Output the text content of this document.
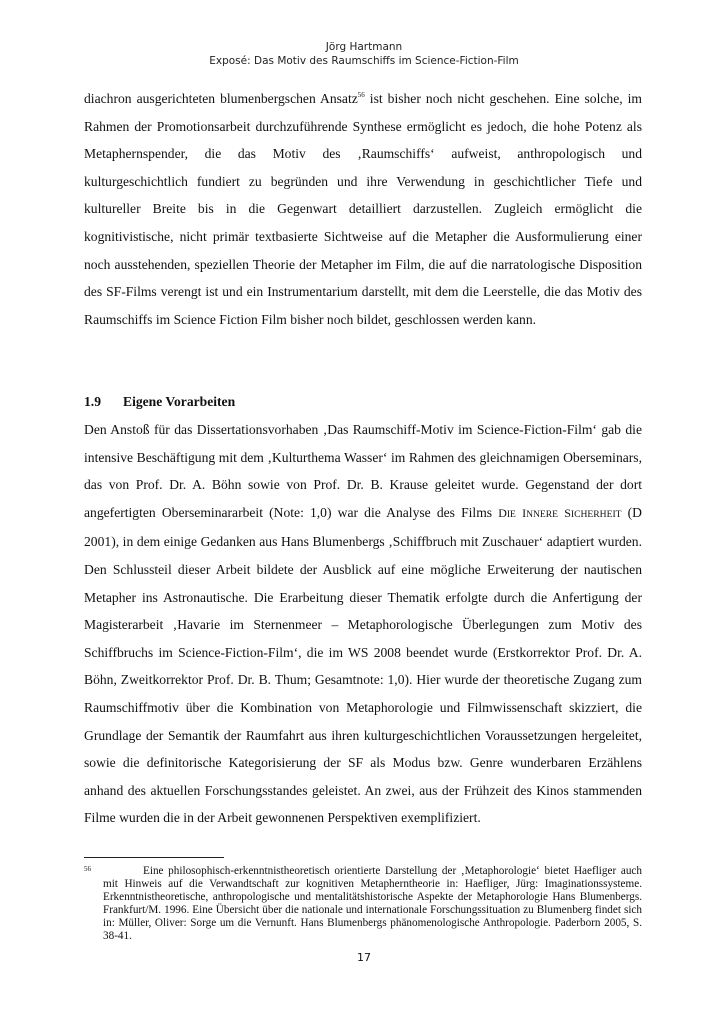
Jörg Hartmann
Exposé: Das Motiv des Raumschiffs im Science-Fiction-Film

diachron ausgerichteten blumenbergschen Ansatz$^{56}$ ist bisher noch nicht geschehen. Eine solche, im Rahmen der Promotionsarbeit durchzuführende Synthese ermöglicht es jedoch, die hohe Potenz als Metaphernspender, die das Motiv des ‚Raumschiffs‘ aufweist, anthropologisch und kulturgeschichtlich fundiert zu begründen und ihre Verwendung in geschichtlicher Tiefe und kultureller Breite bis in die Gegenwart detailliert darzustellen. Zugleich ermöglicht die kognitivistische, nicht primär textbasierte Sichtweise auf die Metapher die Ausformulierung einer noch ausstehenden, speziellen Theorie der Metapher im Film, die auf die narratologische Disposition des SF-Films verengt ist und ein Instrumentarium darstellt, mit dem die Leerstelle, die das Motiv des Raumschiffs im Science Fiction Film bisher noch bildet, geschlossen werden kann.

1.9 Eigene Vorarbeiten

Den Anstoß für das Dissertationsvorhaben ‚Das Raumschiff-Motiv im Science-Fiction-Film‘ gab die intensive Beschäftigung mit dem ‚Kulturthema Wasser‘ im Rahmen des gleichnamigen Oberseminars, das von Prof. Dr. A. Böhn sowie von Prof. Dr. B. Krause geleitet wurde. Gegenstand der dort angefertigten Oberseminararbeit (Note: 1,0) war die Analyse des Films DIE INNERE SICHERHEIT (D 2001), in dem einige Gedanken aus Hans Blumenbergs ‚Schiffbruch mit Zuschauer‘ adaptiert wurden. Den Schlussteil dieser Arbeit bildete der Ausblick auf eine mögliche Erweiterung der nautischen Metapher ins Astronautische. Die Erarbeitung dieser Thematik erfolgte durch die Anfertigung der Magisterarbeit ‚Havarie im Sternenmeer – Metaphorologische Überlegungen zum Motiv des Schiffbruchs im Science-Fiction-Film‘, die im WS 2008 beendet wurde (Erstkorrektor Prof. Dr. A. Böhn, Zweitkorrektor Prof. Dr. B. Thum; Gesamtnote: 1,0). Hier wurde der theoretische Zugang zum Raumschiffmotiv über die Kombination von Metaphorologie und Filmwissenschaft skizziert, die Grundlage der Semantik der Raumfahrt aus ihren kulturgeschichtlichen Voraussetzungen hergeleitet, sowie die definitorische Kategorisierung der SF als Modus bzw. Genre wunderbaren Erzählens anhand des aktuellen Forschungsstandes geleistet. An zwei, aus der Frühzeit des Kinos stammenden Filme wurden die in der Arbeit gewonnenen Perspektiven exemplifiziert.

56	Eine philosophisch-erkenntnistheoretisch orientierte Darstellung der ‚Metaphorologie‘ bietet Haefliger auch mit Hinweis auf die Verwandtschaft zur kognitiven Metapherntheorie in: Haefliger, Jürg: Imaginationssysteme. Erkenntnistheoretische, anthropologische und mentalitätshistorische Aspekte der Metaphorologie Hans Blumenbergs. Frankfurt/M. 1996. Eine Übersicht über die nationale und internationale Forschungssituation zu Blumenberg findet sich in: Müller, Oliver: Sorge um die Vernunft. Hans Blumenbergs phänomenologische Anthropologie. Paderborn 2005, S. 38-41.

17
